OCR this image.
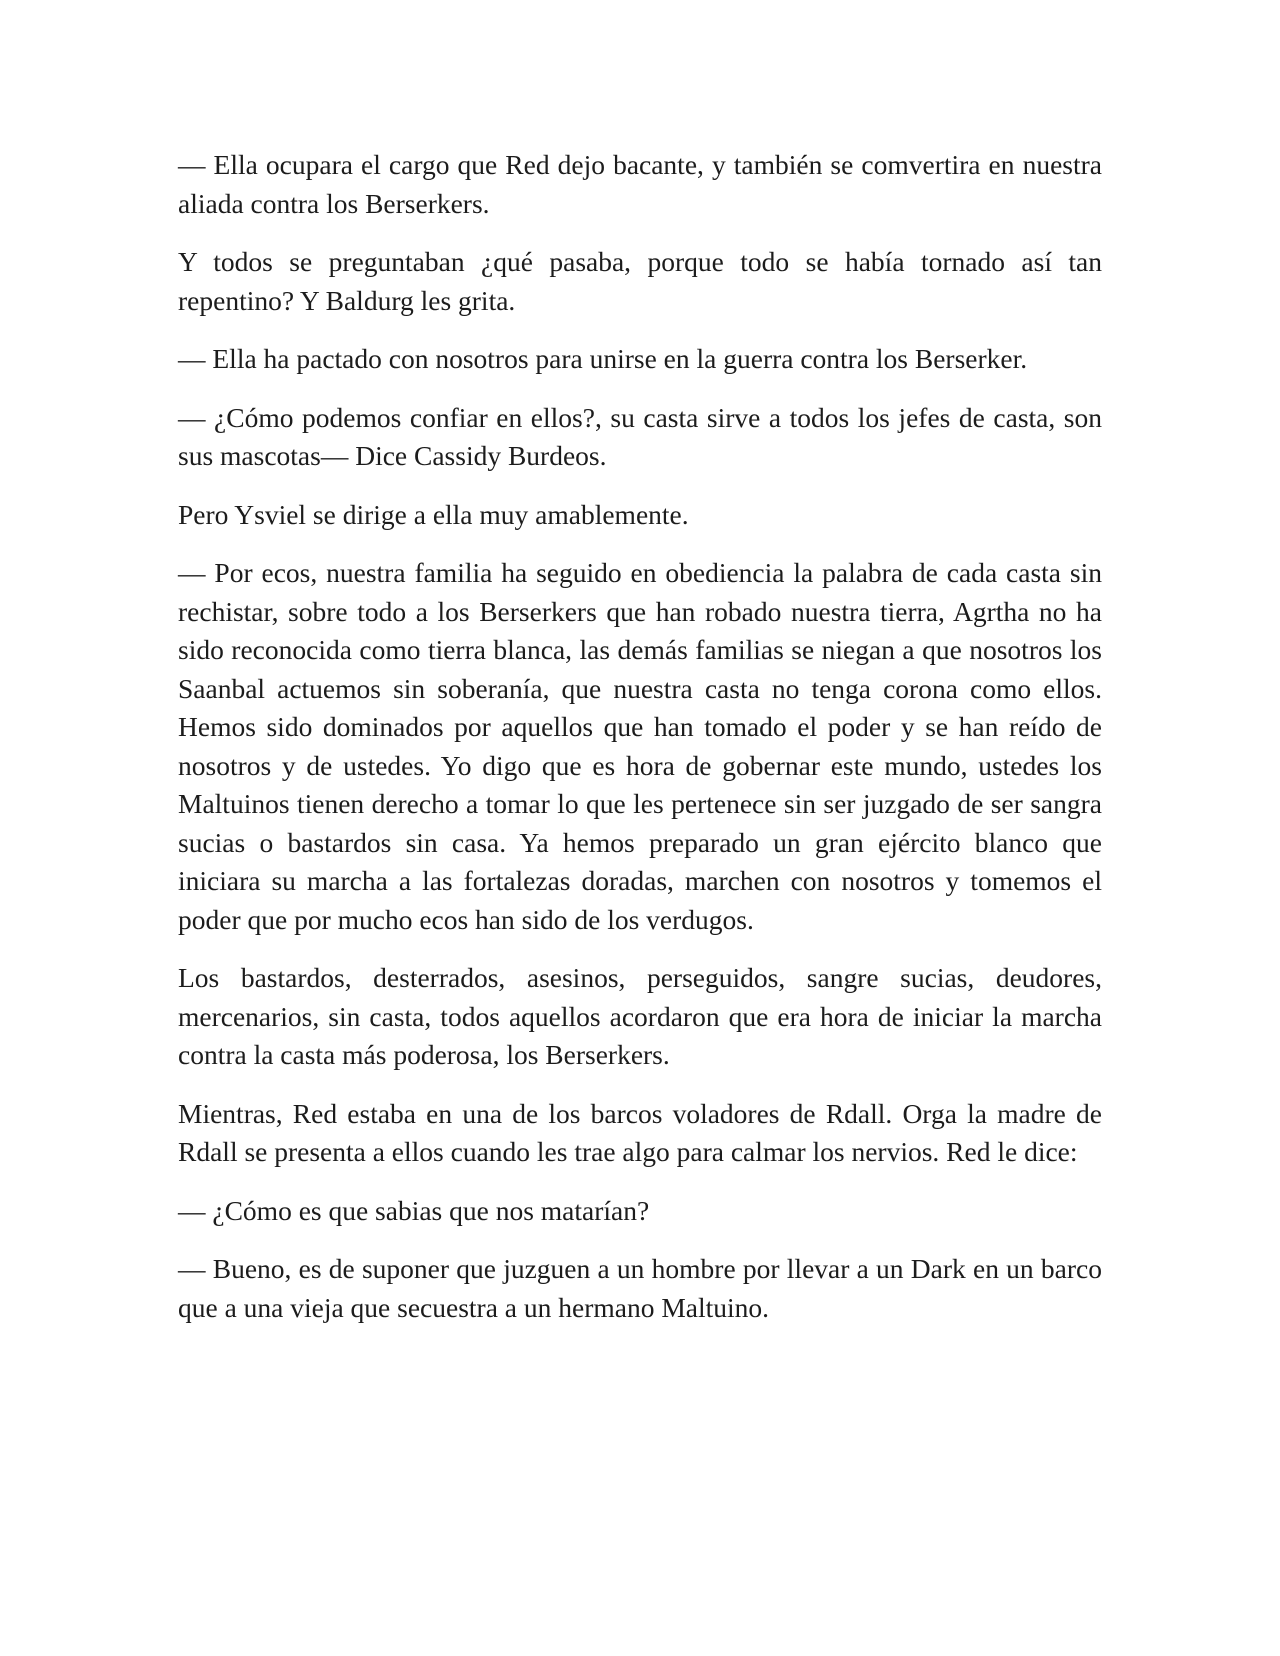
— Ella ocupara el cargo que Red dejo bacante, y también se comvertira en nuestra aliada contra los Berserkers.

Y todos se preguntaban ¿qué pasaba, porque todo se había tornado así tan repentino? Y Baldurg les grita.

— Ella ha pactado con nosotros para unirse en la guerra contra los Berserker.

— ¿Cómo podemos confiar en ellos?, su casta sirve a todos los jefes de casta, son sus mascotas— Dice Cassidy Burdeos.

Pero Ysviel se dirige a ella muy amablemente.

— Por ecos, nuestra familia ha seguido en obediencia la palabra de cada casta sin rechistar, sobre todo a los Berserkers que han robado nuestra tierra, Agrtha no ha sido reconocida como tierra blanca, las demás familias se niegan a que nosotros los Saanbal actuemos sin soberanía, que nuestra casta no tenga corona como ellos. Hemos sido dominados por aquellos que han tomado el poder y se han reído de nosotros y de ustedes. Yo digo que es hora de gobernar este mundo, ustedes los Maltuinos tienen derecho a tomar lo que les pertenece sin ser juzgado de ser sangra sucias o bastardos sin casa. Ya hemos preparado un gran ejército blanco que iniciara su marcha a las fortalezas doradas, marchen con nosotros y tomemos el poder que por mucho ecos han sido de los verdugos.

Los bastardos, desterrados, asesinos, perseguidos, sangre sucias, deudores, mercenarios, sin casta, todos aquellos acordaron que era hora de iniciar la marcha contra la casta más poderosa, los Berserkers.

Mientras, Red estaba en una de los barcos voladores de Rdall. Orga la madre de Rdall se presenta a ellos cuando les trae algo para calmar los nervios. Red le dice:

— ¿Cómo es que sabias que nos matarían?

— Bueno, es de suponer que juzguen a un hombre por llevar a un Dark en un barco que a una vieja que secuestra a un hermano Maltuino.
